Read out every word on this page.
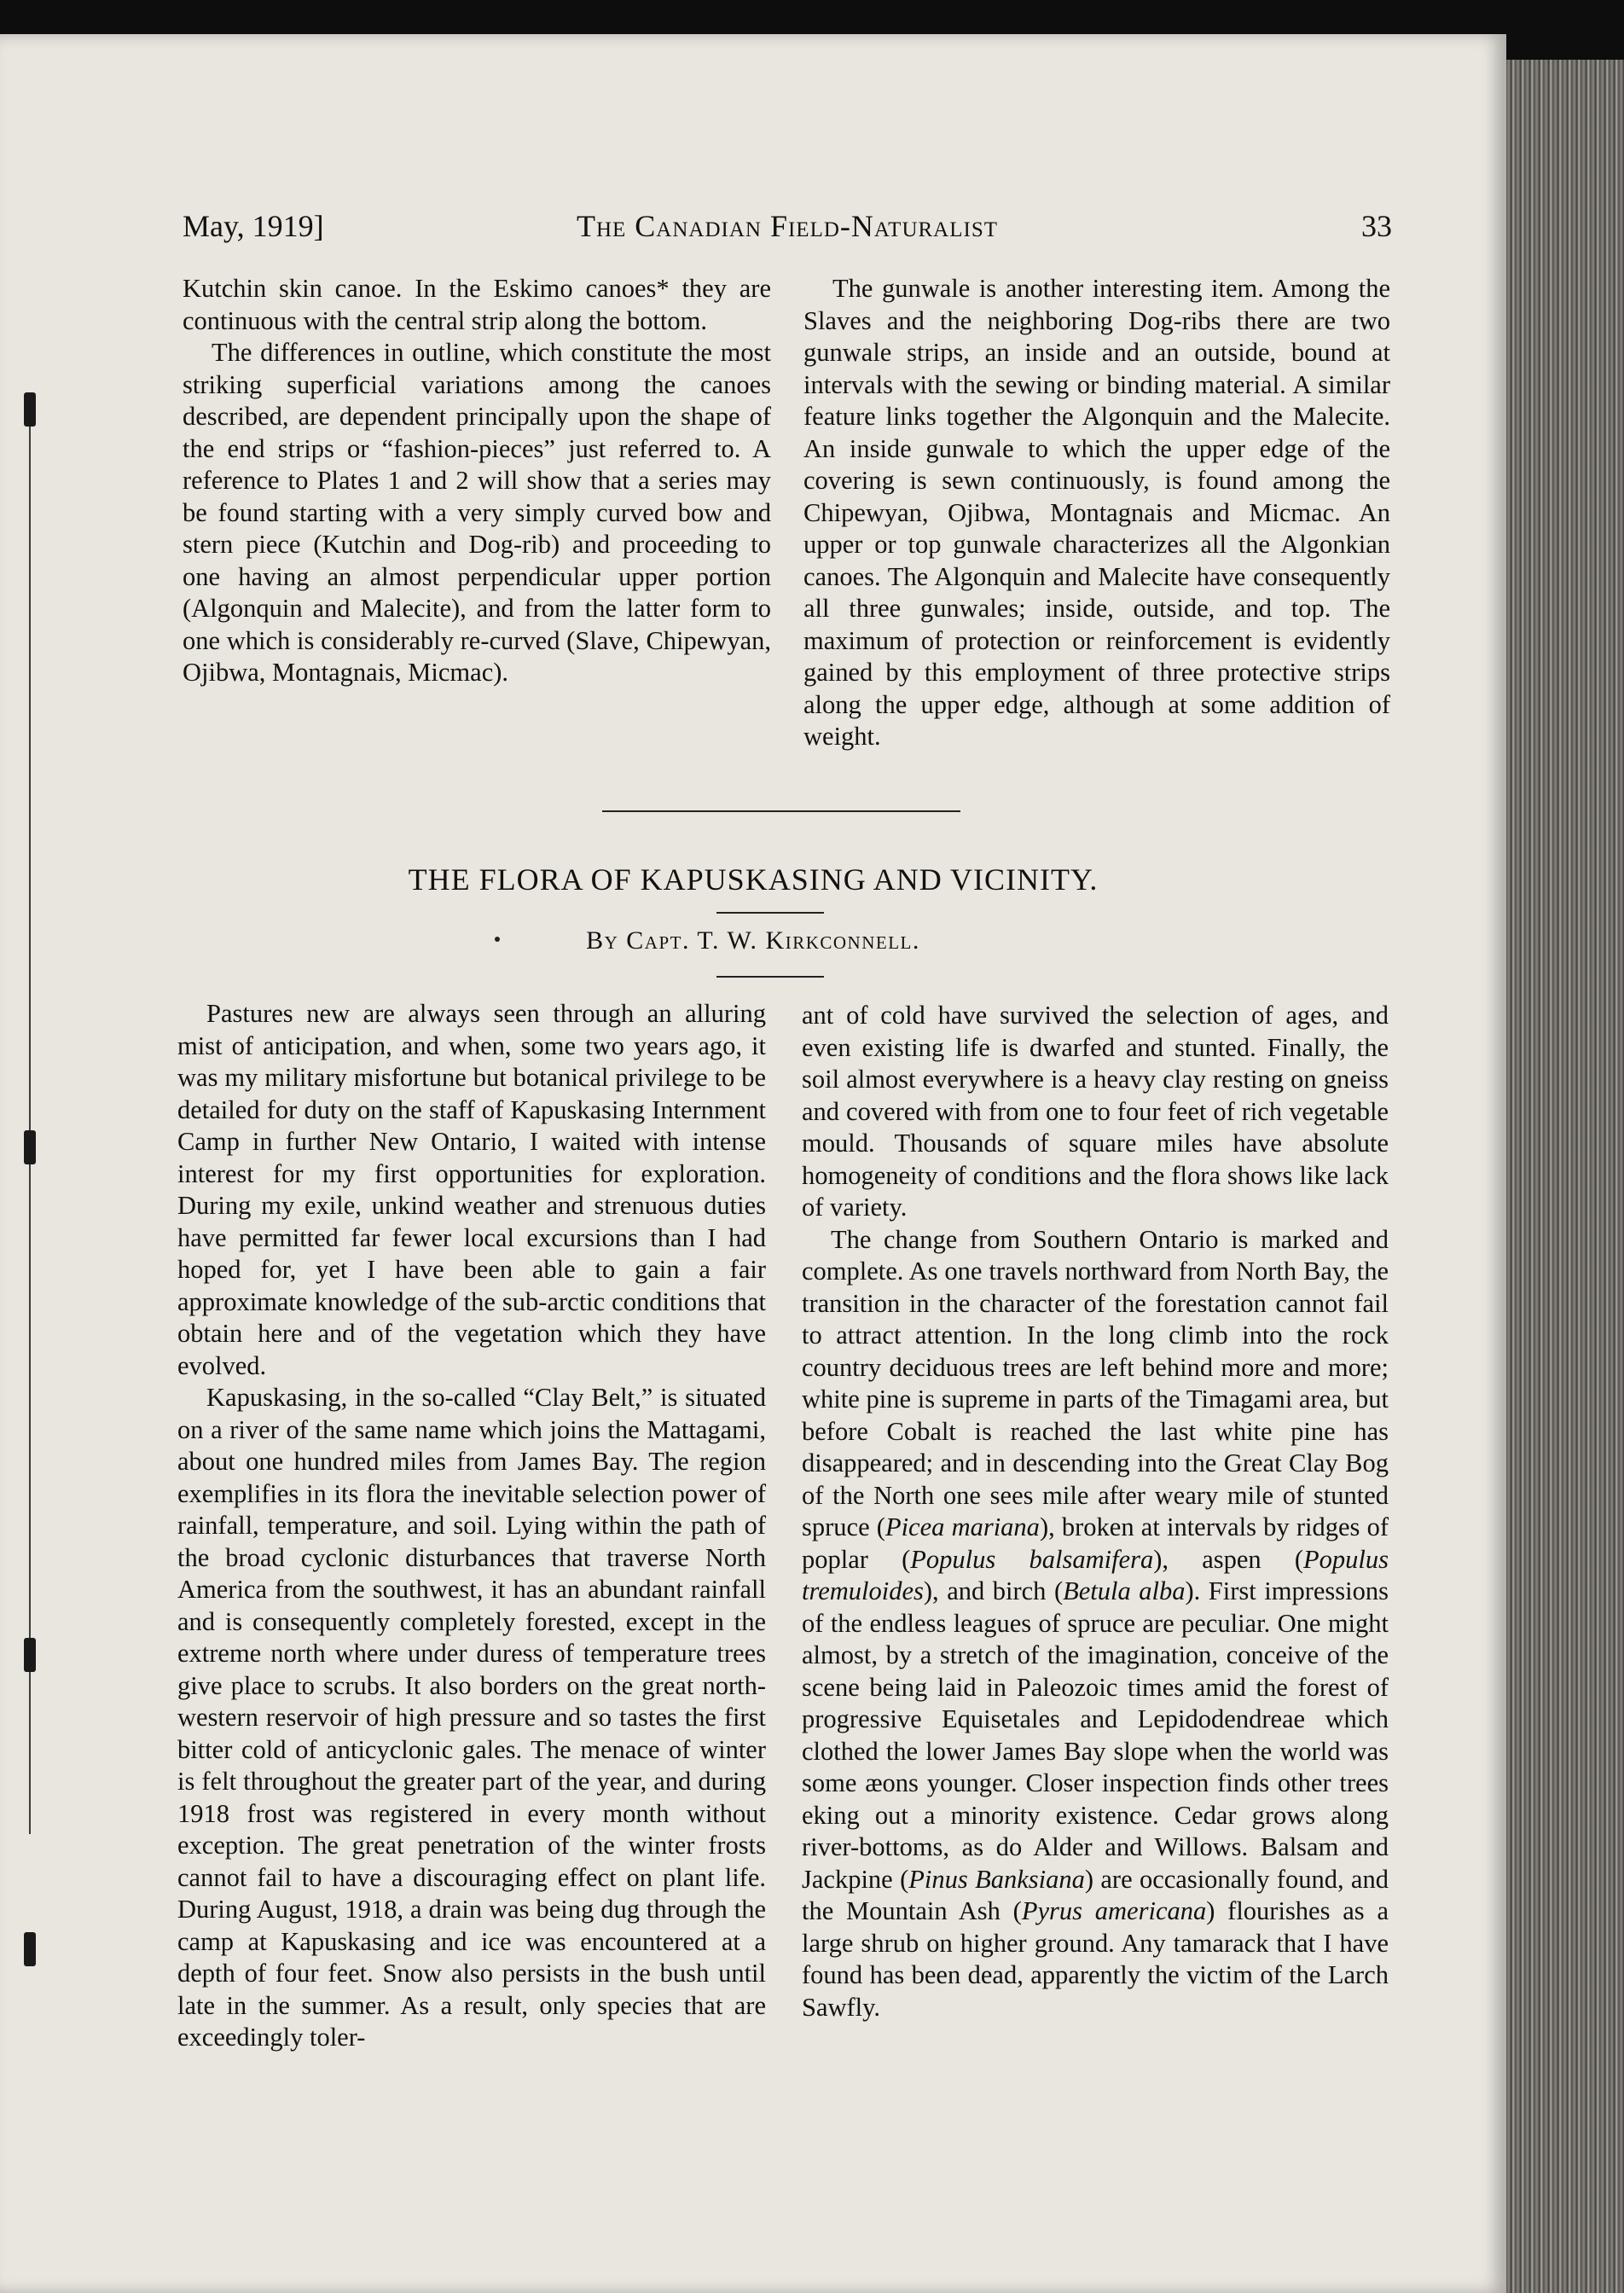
May, 1919]	The Canadian Field-Naturalist	33

Kutchin skin canoe. In the Eskimo canoes* they are continuous with the central strip along the bottom.

The differences in outline, which constitute the most striking superficial variations among the canoes described, are dependent principally upon the shape of the end strips or “fashion-pieces” just referred to. A reference to Plates 1 and 2 will show that a series may be found starting with a very simply curved bow and stern piece (Kutchin and Dog-rib) and proceeding to one having an almost perpendicular upper portion (Algonquin and Malecite), and from the latter form to one which is considerably re-curved (Slave, Chipewyan, Ojibwa, Montagnais, Micmac).

The gunwale is another interesting item. Among the Slaves and the neighboring Dog-ribs there are two gunwale strips, an inside and an outside, bound at intervals with the sewing or binding material. A similar feature links together the Algonquin and the Malecite. An inside gunwale to which the upper edge of the covering is sewn continuously, is found among the Chipewyan, Ojibwa, Montagnais and Micmac. An upper or top gunwale characterizes all the Algonkian canoes. The Algonquin and Malecite have consequently all three gunwales; inside, outside, and top. The maximum of protection or reinforcement is evidently gained by this employment of three protective strips along the upper edge, although at some addition of weight.

THE FLORA OF KAPUSKASING AND VICINITY.
By Capt. T. W. Kirkconnell.

Pastures new are always seen through an alluring mist of anticipation, and when, some two years ago, it was my military misfortune but botanical privilege to be detailed for duty on the staff of Kapuskasing Internment Camp in further New Ontario, I waited with intense interest for my first opportunities for exploration. During my exile, unkind weather and strenuous duties have permitted far fewer local excursions than I had hoped for, yet I have been able to gain a fair approximate knowledge of the sub-arctic conditions that obtain here and of the vegetation which they have evolved.

Kapuskasing, in the so-called “Clay Belt,” is situated on a river of the same name which joins the Mattagami, about one hundred miles from James Bay. The region exemplifies in its flora the inevitable selection power of rainfall, temperature, and soil. Lying within the path of the broad cyclonic disturbances that traverse North America from the southwest, it has an abundant rainfall and is consequently completely forested, except in the extreme north where under duress of temperature trees give place to scrubs. It also borders on the great north-western reservoir of high pressure and so tastes the first bitter cold of anticyclonic gales. The menace of winter is felt throughout the greater part of the year, and during 1918 frost was registered in every month without exception. The great penetration of the winter frosts cannot fail to have a discouraging effect on plant life. During August, 1918, a drain was being dug through the camp at Kapuskasing and ice was encountered at a depth of four feet. Snow also persists in the bush until late in the summer. As a result, only species that are exceedingly toler-

ant of cold have survived the selection of ages, and even existing life is dwarfed and stunted. Finally, the soil almost everywhere is a heavy clay resting on gneiss and covered with from one to four feet of rich vegetable mould. Thousands of square miles have absolute homogeneity of conditions and the flora shows like lack of variety.

The change from Southern Ontario is marked and complete. As one travels northward from North Bay, the transition in the character of the forestation cannot fail to attract attention. In the long climb into the rock country deciduous trees are left behind more and more; white pine is supreme in parts of the Timagami area, but before Cobalt is reached the last white pine has disappeared; and in descending into the Great Clay Bog of the North one sees mile after weary mile of stunted spruce (Picea mariana), broken at intervals by ridges of poplar (Populus balsamifera), aspen (Populus tremuloides), and birch (Betula alba). First impressions of the endless leagues of spruce are peculiar. One might almost, by a stretch of the imagination, conceive of the scene being laid in Paleozoic times amid the forest of progressive Equisetales and Lepidodendreae which clothed the lower James Bay slope when the world was some æons younger. Closer inspection finds other trees eking out a minority existence. Cedar grows along river-bottoms, as do Alder and Willows. Balsam and Jackpine (Pinus Banksiana) are occasionally found, and the Mountain Ash (Pyrus americana) flourishes as a large shrub on higher ground. Any tamarack that I have found has been dead, apparently the victim of the Larch Sawfly.
